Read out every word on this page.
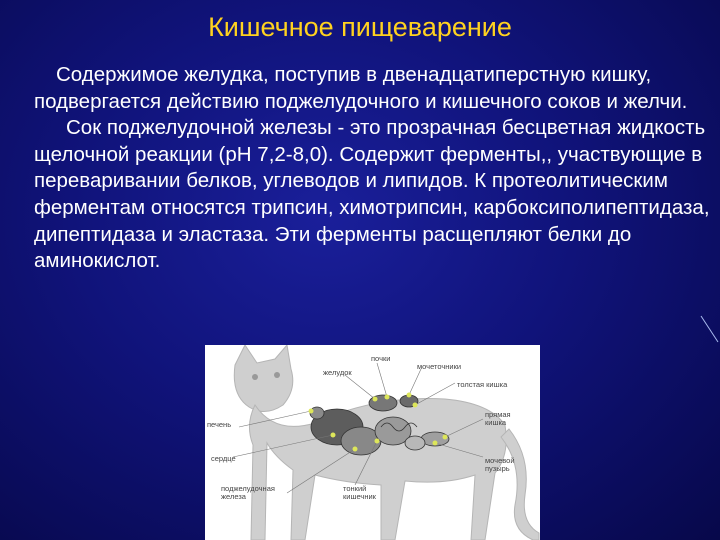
Кишечное пищеварение

Содержимое желудка, поступив в двенадцатиперстную кишку, подвергается действию поджелудочного и кишечного соков и желчи.

Сок поджелудочной железы - это прозрачная бесцветная жидкость щелочной реакции (рН 7,2-8,0). Содержит ферменты,, участвующие в переваривании белков, углеводов и липидов. К протеолитическим ферментам относятся трипсин, химотрипсин, карбоксиполипептидаза, дипептидаза и эластаза. Эти ферменты расщепляют белки до аминокислот.

почки
желудок
мочеточники
толстая кишка
печень
прямая
кишка
сердце	мочевой
пузырь
поджелудочная
железа
тонкий
кишечник
